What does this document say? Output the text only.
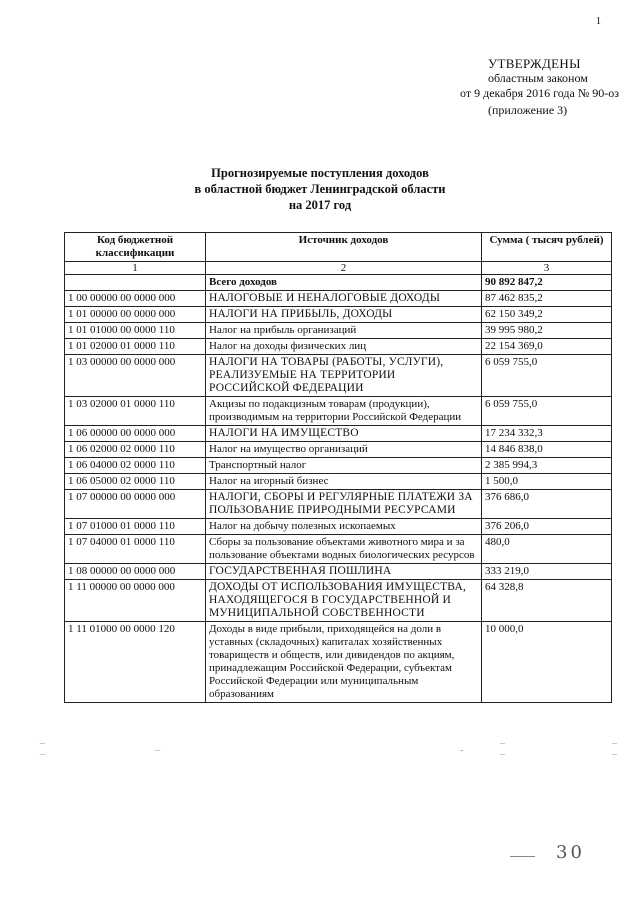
1
УТВЕРЖДЕНЫ
областным законом
от 9 декабря 2016 года № 90-оз
(приложение 3)
Прогнозируемые поступления доходов
в областной бюджет Ленинградской области
на 2017 год
Код бюджетной классификации	Источник доходов	Сумма ( тысяч рублей)
1	2	3
	Всего доходов	90 892 847,2
1 00 00000 00 0000 000	НАЛОГОВЫЕ И НЕНАЛОГОВЫЕ ДОХОДЫ	87 462 835,2
1 01 00000 00 0000 000	НАЛОГИ НА ПРИБЫЛЬ, ДОХОДЫ	62 150 349,2
1 01 01000 00 0000 110	Налог на прибыль организаций	39 995 980,2
1 01 02000 01 0000 110	Налог на доходы физических лиц	22 154 369,0
1 03 00000 00 0000 000	НАЛОГИ НА ТОВАРЫ (РАБОТЫ, УСЛУГИ), РЕАЛИЗУЕМЫЕ НА ТЕРРИТОРИИ РОССИЙСКОЙ ФЕДЕРАЦИИ	6 059 755,0
1 03 02000 01 0000 110	Акцизы по подакцизным товарам (продукции), производимым на территории Российской Федерации	6 059 755,0
1 06 00000 00 0000 000	НАЛОГИ НА ИМУЩЕСТВО	17 234 332,3
1 06 02000 02 0000 110	Налог на имущество организаций	14 846 838,0
1 06 04000 02 0000 110	Транспортный налог	2 385 994,3
1 06 05000 02 0000 110	Налог на игорный бизнес	1 500,0
1 07 00000 00 0000 000	НАЛОГИ, СБОРЫ И РЕГУЛЯРНЫЕ ПЛАТЕЖИ ЗА ПОЛЬЗОВАНИЕ ПРИРОДНЫМИ РЕСУРСАМИ	376 686,0
1 07 01000 01 0000 110	Налог на добычу полезных ископаемых	376 206,0
1 07 04000 01 0000 110	Сборы за пользование объектами животного мира и за пользование объектами водных биологических ресурсов	480,0
1 08 00000 00 0000 000	ГОСУДАРСТВЕННАЯ ПОШЛИНА	333 219,0
1 11 00000 00 0000 000	ДОХОДЫ ОТ ИСПОЛЬЗОВАНИЯ ИМУЩЕСТВА, НАХОДЯЩЕГОСЯ В ГОСУДАРСТВЕННОЙ И МУНИЦИПАЛЬНОЙ СОБСТВЕННОСТИ	64 328,8
1 11 01000 00 0000 120	Доходы в виде прибыли, приходящейся на доли в уставных (складочных) капиталах хозяйственных товариществ и обществ, или дивидендов по акциям, принадлежащим Российской Федерации, субъектам Российской Федерации или муниципальным образованиям	10 000,0
–
–	–	-
–
–
–
–
30
